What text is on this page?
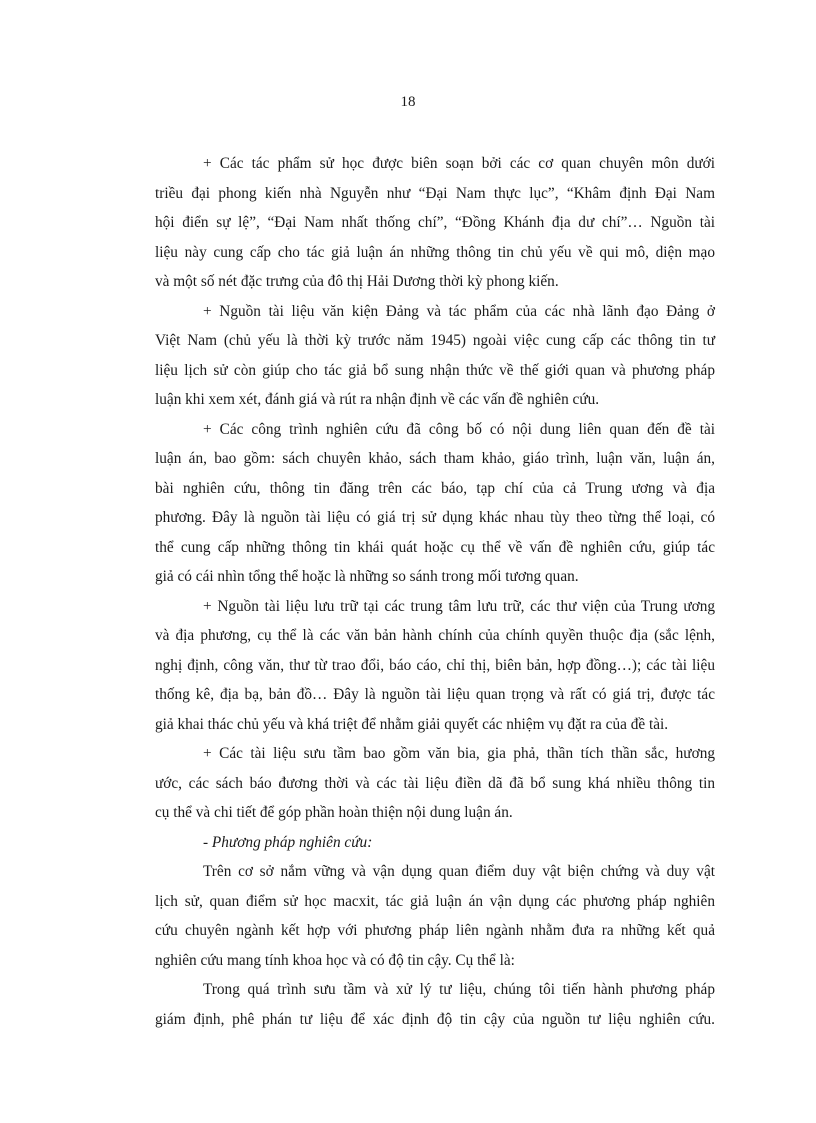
18
+ Các tác phẩm sử học được biên soạn bởi các cơ quan chuyên môn dưới
triều đại phong kiến nhà Nguyễn như “Đại Nam thực lục”, “Khâm định Đại Nam
hội điển sự lệ”, “Đại Nam nhất thống chí”, “Đồng Khánh địa dư chí”… Nguồn tài
liệu này cung cấp cho tác giả luận án những thông tin chủ yếu về qui mô, diện mạo
và một số nét đặc trưng của đô thị Hải Dương thời kỳ phong kiến.
+ Nguồn tài liệu văn kiện Đảng và tác phẩm của các nhà lãnh đạo Đảng ở
Việt Nam (chủ yếu là thời kỳ trước năm 1945) ngoài việc cung cấp các thông tin tư
liệu lịch sử còn giúp cho tác giả bổ sung nhận thức về thế giới quan và phương pháp
luận khi xem xét, đánh giá và rút ra nhận định về các vấn đề nghiên cứu.
+ Các công trình nghiên cứu đã công bố có nội dung liên quan đến đề tài
luận án, bao gồm: sách chuyên khảo, sách tham khảo, giáo trình, luận văn, luận án,
bài nghiên cứu, thông tin đăng trên các báo, tạp chí của cả Trung ương và địa
phương. Đây là nguồn tài liệu có giá trị sử dụng khác nhau tùy theo từng thể loại, có
thể cung cấp những thông tin khái quát hoặc cụ thể về vấn đề nghiên cứu, giúp tác
giả có cái nhìn tổng thể hoặc là những so sánh trong mối tương quan.
+ Nguồn tài liệu lưu trữ tại các trung tâm lưu trữ, các thư viện của Trung ương
và địa phương, cụ thể là các văn bản hành chính của chính quyền thuộc địa (sắc lệnh,
nghị định, công văn, thư từ trao đổi, báo cáo, chỉ thị, biên bản, hợp đồng…); các tài liệu
thống kê, địa bạ, bản đồ… Đây là nguồn tài liệu quan trọng và rất có giá trị, được tác
giả khai thác chủ yếu và khá triệt để nhằm giải quyết các nhiệm vụ đặt ra của đề tài.
+ Các tài liệu sưu tầm bao gồm văn bia, gia phả, thần tích thần sắc, hương
ước, các sách báo đương thời và các tài liệu điền dã đã bổ sung khá nhiều thông tin
cụ thể và chi tiết để góp phần hoàn thiện nội dung luận án.
- Phương pháp nghiên cứu:
Trên cơ sở nắm vững và vận dụng quan điểm duy vật biện chứng và duy vật
lịch sử, quan điểm sử học macxit, tác giả luận án vận dụng các phương pháp nghiên
cứu chuyên ngành kết hợp với phương pháp liên ngành nhằm đưa ra những kết quả
nghiên cứu mang tính khoa học và có độ tin cậy. Cụ thể là:
Trong quá trình sưu tầm và xử lý tư liệu, chúng tôi tiến hành phương pháp
giám định, phê phán tư liệu để xác định độ tin cậy của nguồn tư liệu nghiên cứu.
